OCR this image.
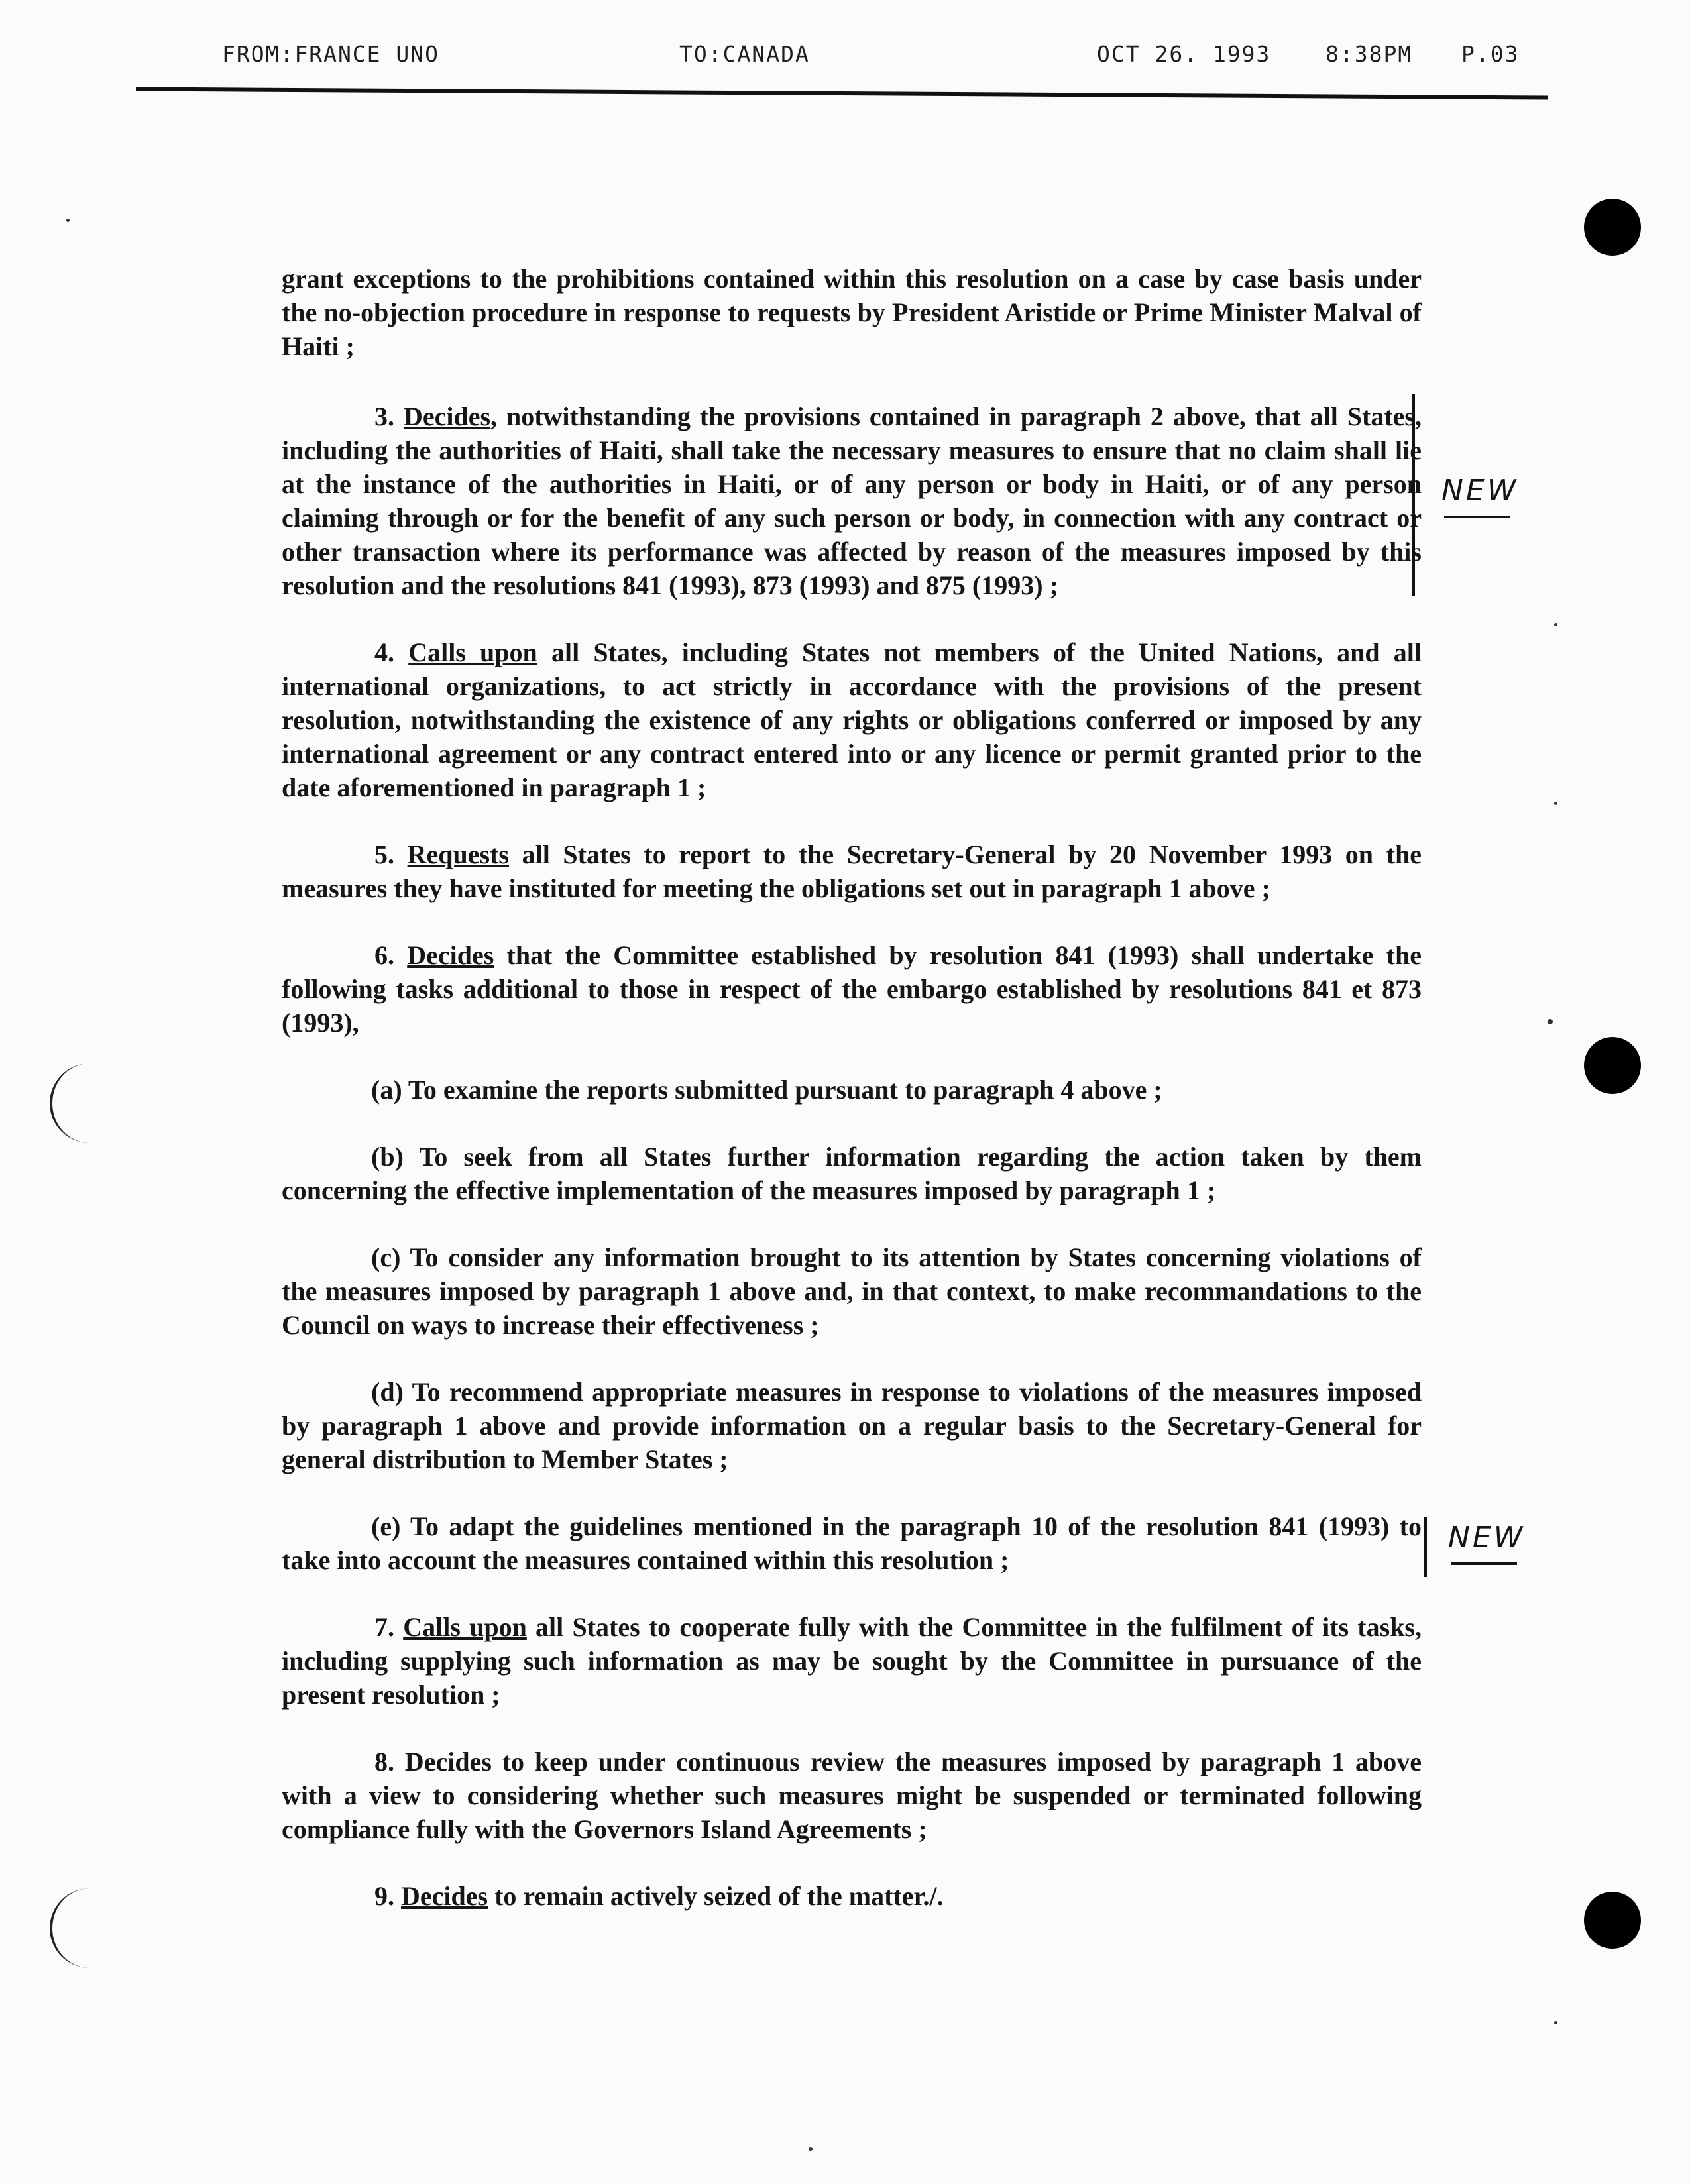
FROM:FRANCE UNO	TO:CANADA	OCT 26. 1993	8:38PM P.03

grant exceptions to the prohibitions contained within this resolution on a case by case basis under the no-objection procedure in response to requests by President Aristide or Prime Minister Malval of Haiti ;

3. Decides, notwithstanding the provisions contained in paragraph 2 above, that all States, including the authorities of Haiti, shall take the necessary measures to ensure that no claim shall lie at the instance of the authorities in Haiti, or of any person or body in Haiti, or of any person claiming through or for the benefit of any such person or body, in connection with any contract or other transaction where its performance was affected by reason of the measures imposed by this resolution and the resolutions 841 (1993), 873 (1993) and 875 (1993) ;

4. Calls upon all States, including States not members of the United Nations, and all international organizations, to act strictly in accordance with the provisions of the present resolution, notwithstanding the existence of any rights or obligations conferred or imposed by any international agreement or any contract entered into or any licence or permit granted prior to the date aforementioned in paragraph 1 ;

5. Requests all States to report to the Secretary-General by 20 November 1993 on the measures they have instituted for meeting the obligations set out in paragraph 1 above ;

6. Decides that the Committee established by resolution 841 (1993) shall undertake the following tasks additional to those in respect of the embargo established by resolutions 841 et 873 (1993),

(a) To examine the reports submitted pursuant to paragraph 4 above ;

(b) To seek from all States further information regarding the action taken by them concerning the effective implementation of the measures imposed by paragraph 1 ;

(c) To consider any information brought to its attention by States concerning violations of the measures imposed by paragraph 1 above and, in that context, to make recommandations to the Council on ways to increase their effectiveness ;

(d) To recommend appropriate measures in response to violations of the measures imposed by paragraph 1 above and provide information on a regular basis to the Secretary-General for general distribution to Member States ;

(e) To adapt the guidelines mentioned in the paragraph 10 of the resolution 841 (1993) to take into account the measures contained within this resolution ;

7. Calls upon all States to cooperate fully with the Committee in the fulfilment of its tasks, including supplying such information as may be sought by the Committee in pursuance of the present resolution ;

8. Decides to keep under continuous review the measures imposed by paragraph 1 above with a view to considering whether such measures might be suspended or terminated following compliance fully with the Governors Island Agreements ;

9. Decides to remain actively seized of the matter./.

NEW
NEW
